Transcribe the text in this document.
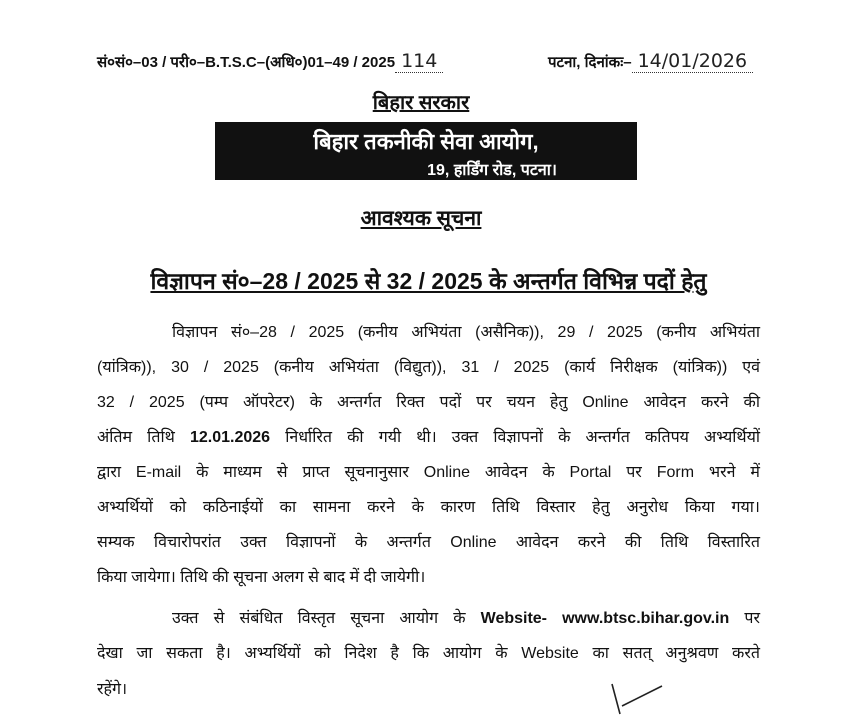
सं०सं०–03 / परी०–B.T.S.C–(अधि०)01–49 / 2025 114	पटना, दिनांकः– 14/01/2026
बिहार सरकार
बिहार तकनीकी सेवा आयोग,
19, हार्डिंग रोड, पटना।
आवश्यक सूचना
विज्ञापन सं०–28 / 2025 से 32 / 2025 के अन्तर्गत विभिन्न पदों हेतु
विज्ञापन सं०–28 / 2025 (कनीय अभियंता (असैनिक)), 29 / 2025 (कनीय अभियंता
(यांत्रिक)), 30 / 2025 (कनीय अभियंता (विद्युत)), 31 / 2025 (कार्य निरीक्षक (यांत्रिक)) एवं
32 / 2025 (पम्प ऑपरेटर) के अन्तर्गत रिक्त पदों पर चयन हेतु Online आवेदन करने की
अंतिम तिथि 12.01.2026 निर्धारित की गयी थी। उक्त विज्ञापनों के अन्तर्गत कतिपय अभ्यर्थियों
द्वारा E-mail के माध्यम से प्राप्त सूचनानुसार Online आवेदन के Portal पर Form भरने में
अभ्यर्थियों को कठिनाईयों का सामना करने के कारण तिथि विस्तार हेतु अनुरोध किया गया।
सम्यक विचारोपरांत उक्त विज्ञापनों के अन्तर्गत Online आवेदन करने की तिथि विस्तारित
किया जायेगा। तिथि की सूचना अलग से बाद में दी जायेगी।
उक्त से संबंधित विस्तृत सूचना आयोग के Website- www.btsc.bihar.gov.in पर
देखा जा सकता है। अभ्यर्थियों को निदेश है कि आयोग के Website का सतत् अनुश्रवण करते
रहेंगे।
